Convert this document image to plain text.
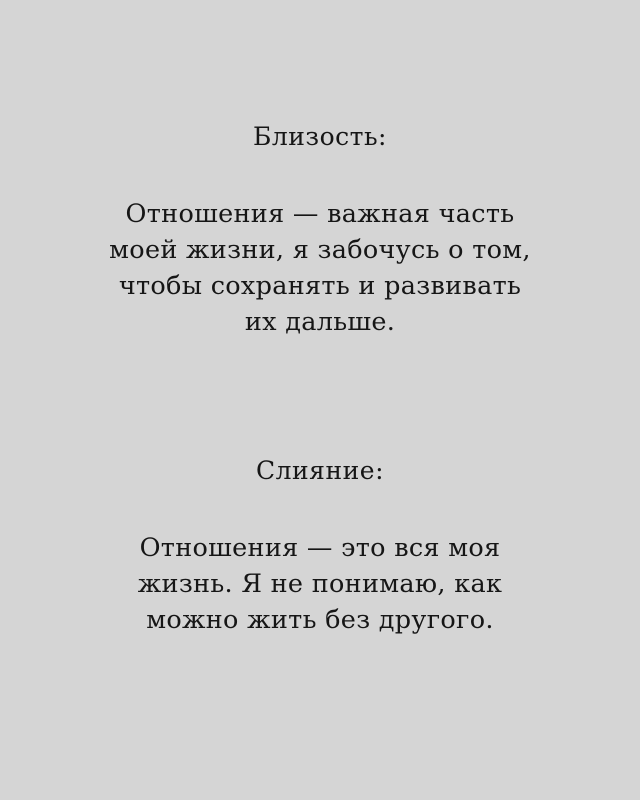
Близость:
Отношения — важная часть
моей жизни, я забочусь о том,
чтобы сохранять и развивать
их дальше.
Слияние:
Отношения — это вся моя
жизнь. Я не понимаю, как
можно жить без другого.
